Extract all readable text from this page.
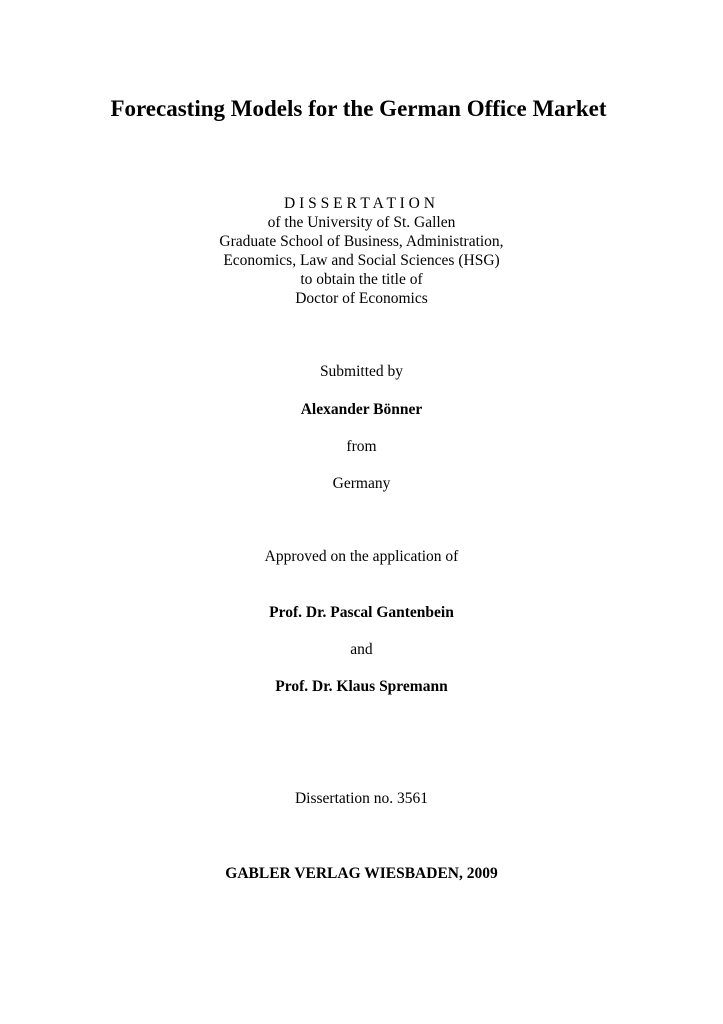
Forecasting Models for the German Office Market
D I S S E R T A T I O N
of the University of St. Gallen
Graduate School of Business, Administration,
Economics, Law and Social Sciences (HSG)
to obtain the title of
Doctor of Economics
Submitted by
Alexander Bönner
from
Germany
Approved on the application of
Prof. Dr. Pascal Gantenbein
and
Prof. Dr. Klaus Spremann
Dissertation no. 3561
GABLER VERLAG WIESBADEN, 2009
